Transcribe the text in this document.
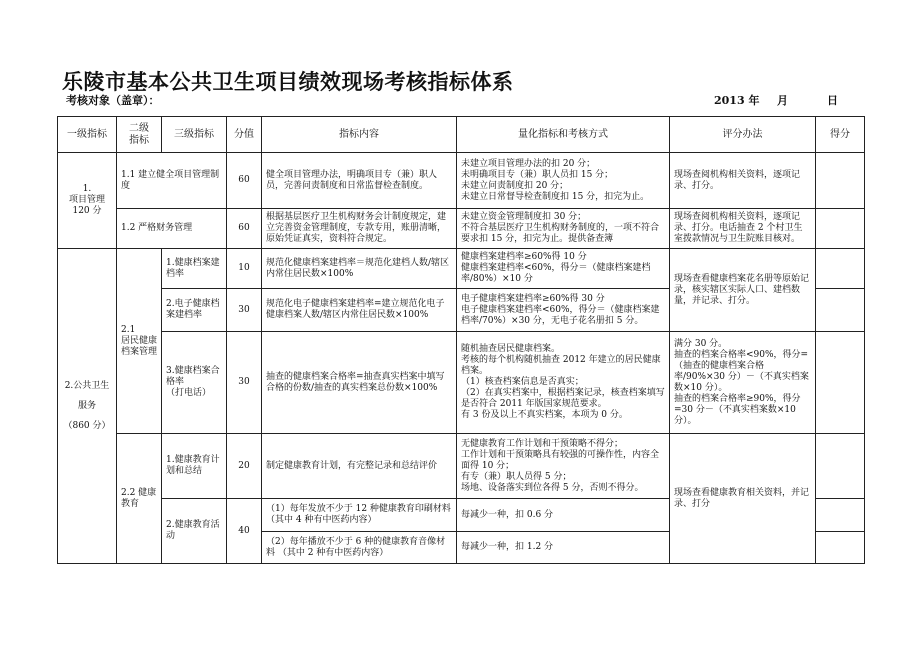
乐陵市基本公共卫生项目绩效现场考核指标体系
考核对象（盖章）：	2013 年 月	日
一级指标	二级
指标	三级指标	分值	指标内容	量化指标和考核方式	评分办法	得分
1.
项目管理
120 分	1.1 建立健全项目管理制度		60	健全项目管理办法，明确项目专（兼）职人员，完善问责制度和日常监督检查制度。	未建立项目管理办法的扣 20 分；
未明确项目专（兼）职人员扣 15 分；
未建立问责制度扣 20 分；
未建立日常督导检查制度扣 15 分，扣完为止。	现场查阅机构相关资料，逐项记录、打分。	
	1.2 严格财务管理		60	根据基层医疗卫生机构财务会计制度规定，建立完善资金管理制度，专款专用，账册清晰，原始凭证真实，资料符合规定。	未建立资金管理制度扣 30 分；
不符合基层医疗卫生机构财务制度的，一项不符合要求扣 15 分，扣完为止。提供备查簿	现场查阅机构相关资料，逐项记录、打分。电话抽查 2 个村卫生室拨款情况与卫生院账目核对。	
2.公共卫生
服务
（860 分）	2.1
居民健康档案管理	1.健康档案建档率	10	规范化健康档案建档率＝规范化建档人数/辖区内常住居民数×100%	健康档案建档率≥60%得 10 分
健康档案建档率<60%，得分＝（健康档案建档率/80%）×10 分	现场查看健康档案花名册等原始记录，核实辖区实际人口、建档数量，并记录、打分。	
		2.电子健康档案建档率	30	规范化电子健康档案建档率=建立规范化电子健康档案人数/辖区内常住居民数×100%	电子健康档案建档率≥60%得 30 分
电子健康档案建档率<60%，得分＝（健康档案建档率/70%）×30 分，无电子花名册扣 5 分。		
		3.健康档案合格率
（打电话）	30	抽查的健康档案合格率=抽查真实档案中填写合格的份数/抽查的真实档案总份数×100%	随机抽查居民健康档案。
考核的每个机构随机抽查 2012 年建立的居民健康档案。
（1）核查档案信息是否真实；
（2）在真实档案中，根据档案记录，核查档案填写是否符合 2011 年版国家规范要求。
有 3 份及以上不真实档案，本项为 0 分。	满分 30 分。
抽查的档案合格率<90%，得分=（抽查的健康档案合格率/90%×30 分）－（不真实档案数×10 分）。
抽查的档案合格率≥90%，得分=30 分－（不真实档案数×10 分）。	
	2.2 健康教育	1.健康教育计划和总结	20	制定健康教育计划，有完整记录和总结评价	无健康教育工作计划和干预策略不得分；
工作计划和干预策略具有较强的可操作性，内容全面得 10 分；
有专（兼）职人员得 5 分；
场地、设备落实到位各得 5 分，否则不得分。	现场查看健康教育相关资料，并记录、打分	
		2.健康教育活动	40	（1）每年发放不少于 12 种健康教育印刷材料（其中 4 种有中医药内容）	每减少一种，扣 0.6 分		
				（2）每年播放不少于 6 种的健康教育音像材料 （其中 2 种有中医药内容）	每减少一种，扣 1.2 分		
